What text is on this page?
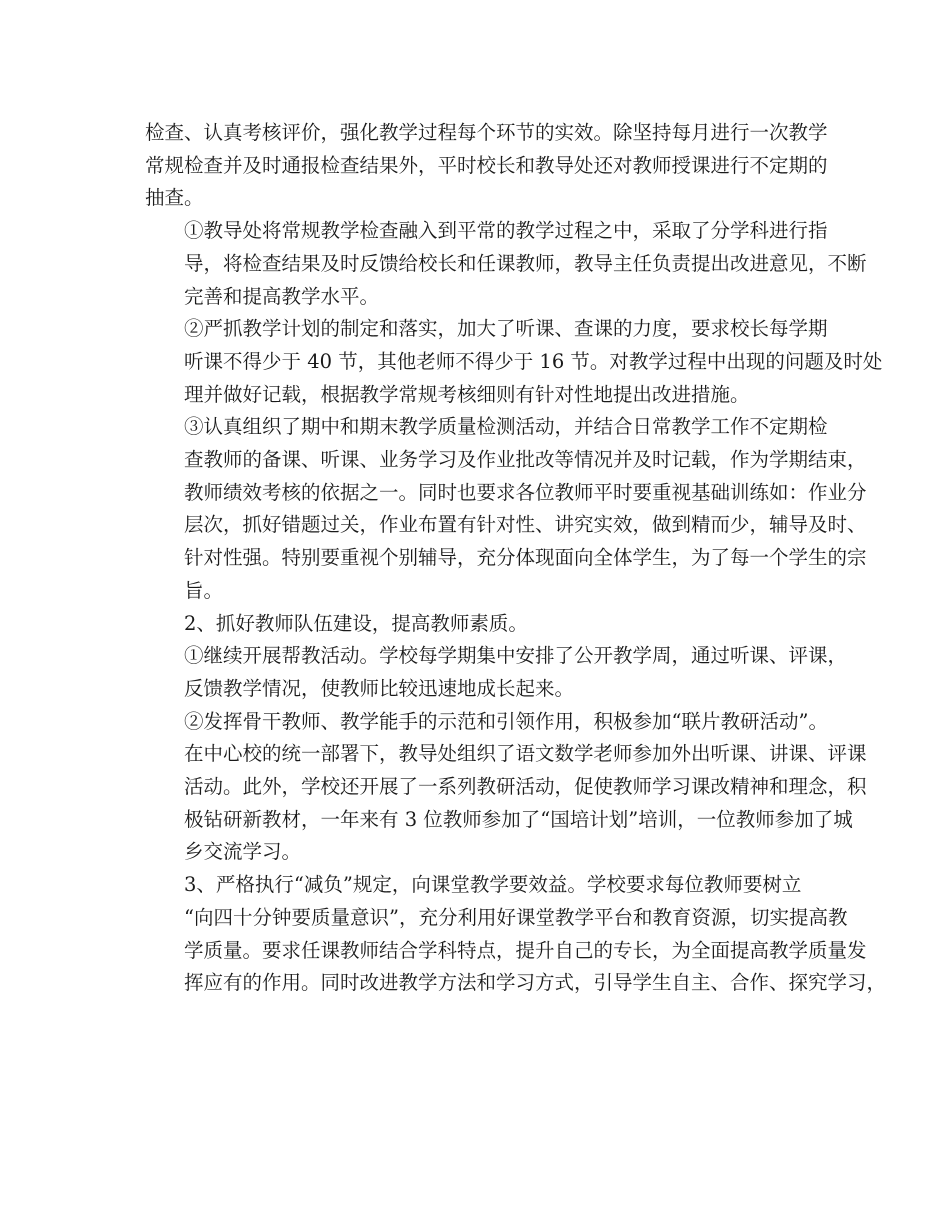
检查、认真考核评价，强化教学过程每个环节的实效。除坚持每月进行一次教学
常规检查并及时通报检查结果外，平时校长和教导处还对教师授课进行不定期的
抽查。

①教导处将常规教学检查融入到平常的教学过程之中，采取了分学科进行指
导，将检查结果及时反馈给校长和任课教师，教导主任负责提出改进意见，不断
完善和提高教学水平。

②严抓教学计划的制定和落实，加大了听课、查课的力度，要求校长每学期
听课不得少于 40 节，其他老师不得少于 16 节。对教学过程中出现的问题及时处
理并做好记载，根据教学常规考核细则有针对性地提出改进措施。

③认真组织了期中和期末教学质量检测活动，并结合日常教学工作不定期检
查教师的备课、听课、业务学习及作业批改等情况并及时记载，作为学期结束，
教师绩效考核的依据之一。同时也要求各位教师平时要重视基础训练如：作业分
层次，抓好错题过关，作业布置有针对性、讲究实效，做到精而少，辅导及时、
针对性强。特别要重视个别辅导，充分体现面向全体学生，为了每一个学生的宗
旨。

2、抓好教师队伍建设，提高教师素质。

①继续开展帮教活动。学校每学期集中安排了公开教学周，通过听课、评课，
反馈教学情况，使教师比较迅速地成长起来。

②发挥骨干教师、教学能手的示范和引领作用，积极参加“联片教研活动”。
在中心校的统一部署下，教导处组织了语文数学老师参加外出听课、讲课、评课
活动。此外，学校还开展了一系列教研活动，促使教师学习课改精神和理念，积
极钻研新教材，一年来有 3 位教师参加了“国培计划”培训，一位教师参加了城
乡交流学习。

3、严格执行“减负”规定，向课堂教学要效益。学校要求每位教师要树立
“向四十分钟要质量意识”，充分利用好课堂教学平台和教育资源，切实提高教
学质量。要求任课教师结合学科特点，提升自己的专长，为全面提高教学质量发
挥应有的作用。同时改进教学方法和学习方式，引导学生自主、合作、探究学习，
